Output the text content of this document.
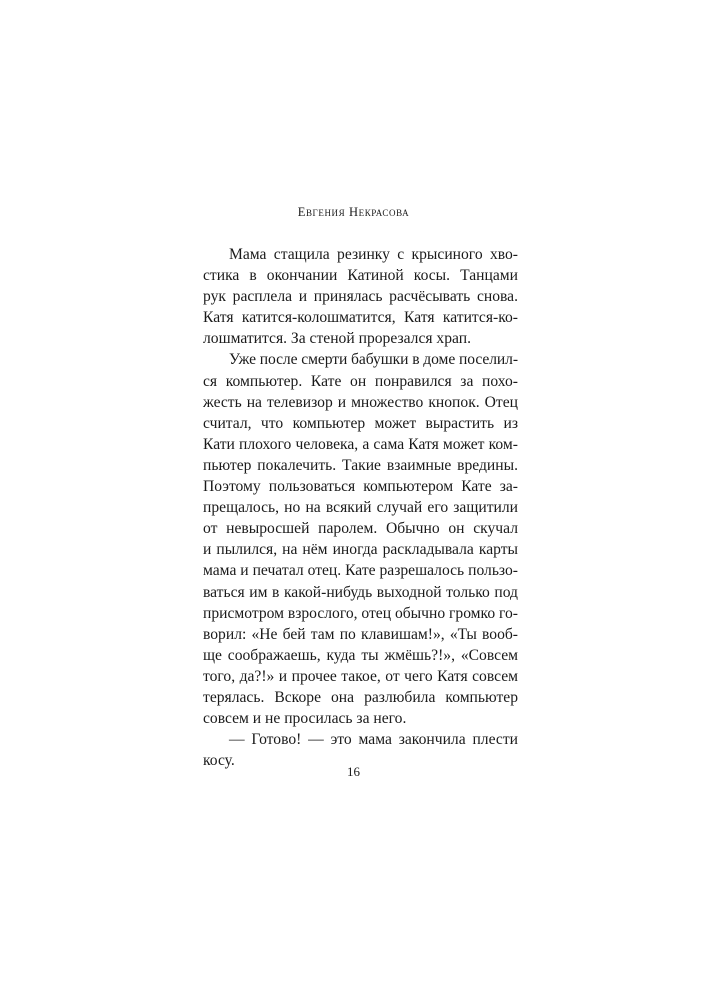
Евгения Некрасова
Мама стащила резинку с крысиного хво-
стика в окончании Катиной косы. Танцами
рук расплела и принялась расчёсывать снова.
Катя катится-колошматится, Катя катится-ко-
лошматится. За стеной прорезался храп.
Уже после смерти бабушки в доме поселил-
ся компьютер. Кате он понравился за похо-
жесть на телевизор и множество кнопок. Отец
считал, что компьютер может вырастить из
Кати плохого человека, а сама Катя может ком-
пьютер покалечить. Такие взаимные вредины.
Поэтому пользоваться компьютером Кате за-
прещалось, но на всякий случай его защитили
от невыросшей паролем. Обычно он скучал
и пылился, на нём иногда раскладывала карты
мама и печатал отец. Кате разрешалось пользо-
ваться им в какой-нибудь выходной только под
присмотром взрослого, отец обычно громко го-
ворил: «Не бей там по клавишам!», «Ты вооб-
ще соображаешь, куда ты жмёшь?!», «Совсем
того, да?!» и прочее такое, от чего Катя совсем
терялась. Вскоре она разлюбила компьютер
совсем и не просилась за него.
— Готово! — это мама закончила плести
косу.
16
